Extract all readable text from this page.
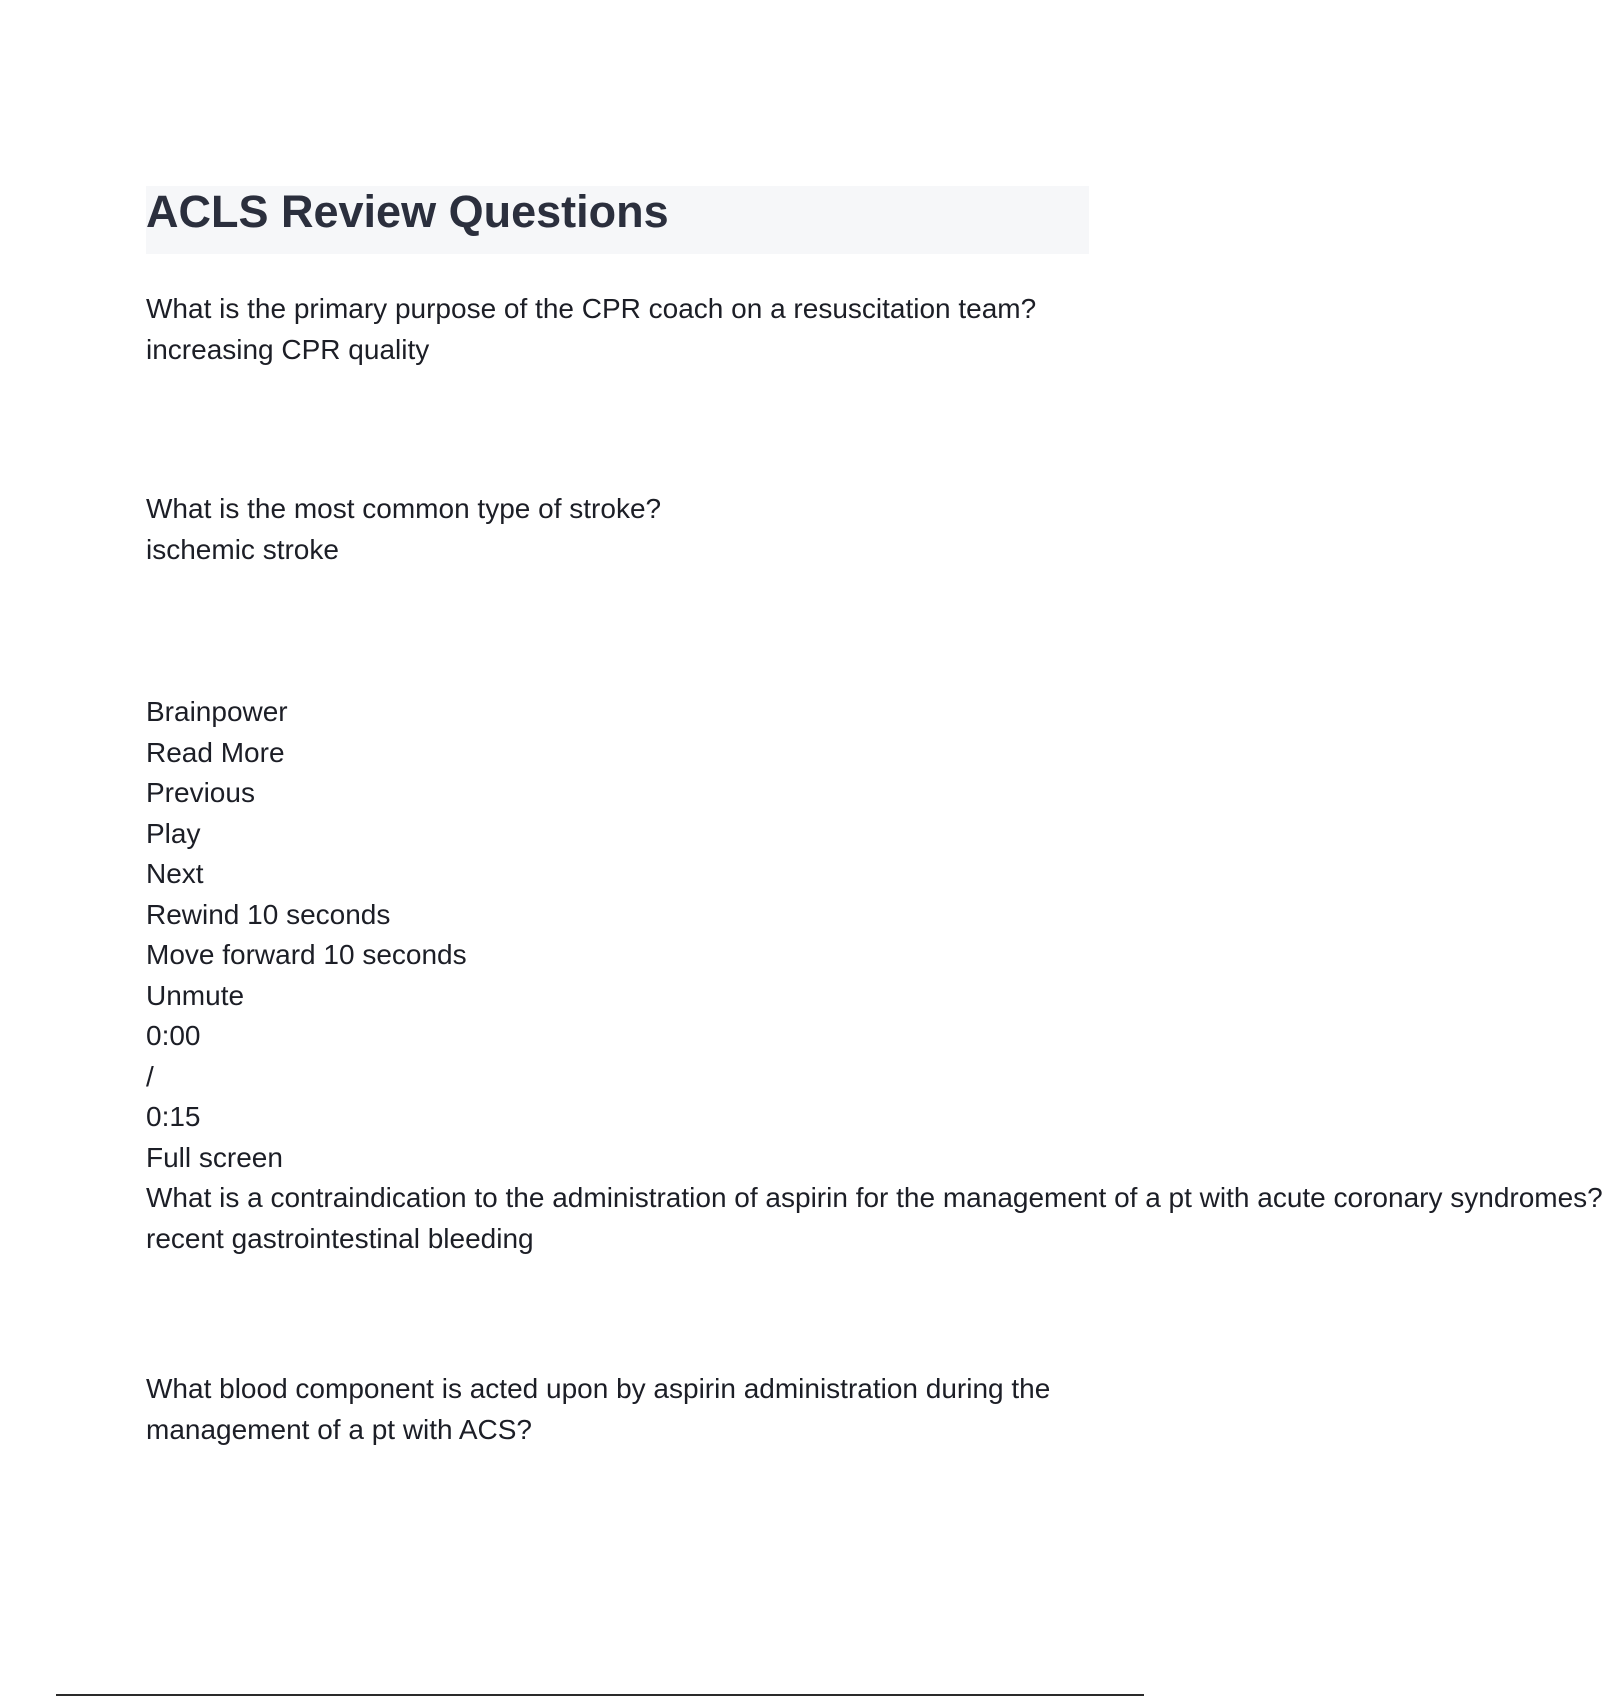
ACLS Review Questions
What is the primary purpose of the CPR coach on a resuscitation team?
increasing CPR quality
What is the most common type of stroke?
ischemic stroke
Brainpower
Read More
Previous
Play
Next
Rewind 10 seconds
Move forward 10 seconds
Unmute
0:00
/
0:15
Full screen
What is a contraindication to the administration of aspirin for the management of a pt with acute coronary syndromes?
recent gastrointestinal bleeding
What blood component is acted upon by aspirin administration during the management of a pt with ACS?
